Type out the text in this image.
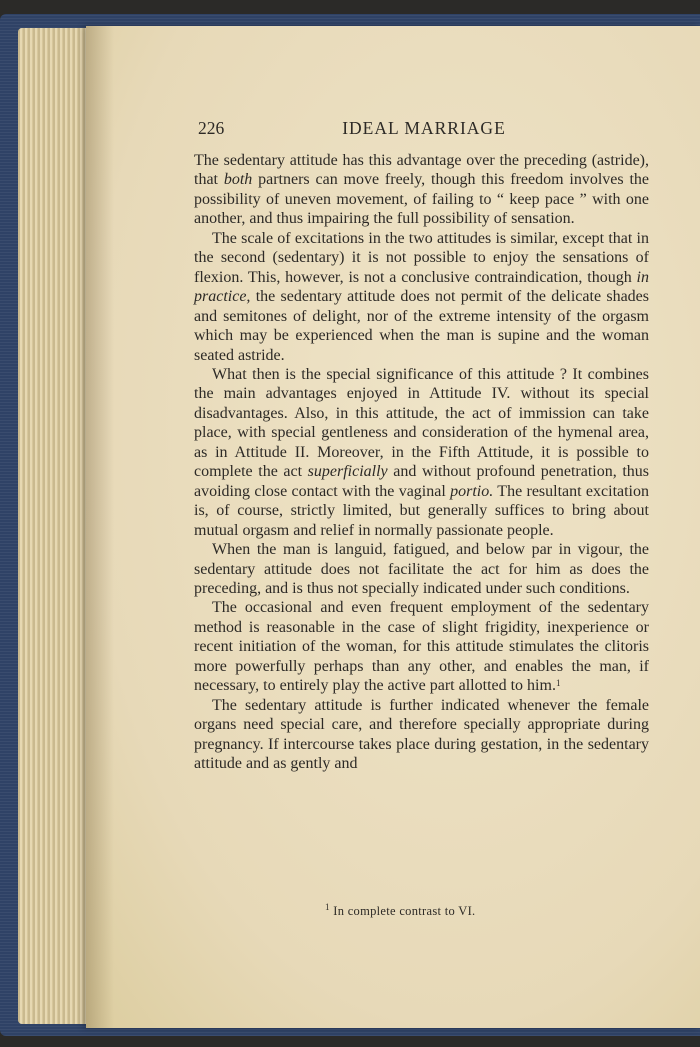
226	IDEAL MARRIAGE

The sedentary attitude has this advantage over the preceding (astride), that both partners can move freely, though this freedom involves the possibility of uneven movement, of failing to “ keep pace ” with one another, and thus impairing the full possibility of sensation.

The scale of excitations in the two attitudes is similar, except that in the second (sedentary) it is not possible to enjoy the sensations of flexion. This, however, is not a conclusive contraindication, though in practice, the sedentary attitude does not permit of the delicate shades and semitones of delight, nor of the extreme intensity of the orgasm which may be experienced when the man is supine and the woman seated astride.

What then is the special significance of this attitude ? It combines the main advantages enjoyed in Attitude IV. without its special disadvantages. Also, in this attitude, the act of immission can take place, with special gentleness and consideration of the hymenal area, as in Attitude II. Moreover, in the Fifth Attitude, it is possible to complete the act superficially and without profound penetration, thus avoiding close contact with the vaginal portio. The resultant excitation is, of course, strictly limited, but generally suffices to bring about mutual orgasm and relief in normally passionate people.

When the man is languid, fatigued, and below par in vigour, the sedentary attitude does not facilitate the act for him as does the preceding, and is thus not specially indicated under such conditions.

The occasional and even frequent employment of the sedentary method is reasonable in the case of slight frigidity, inexperience or recent initiation of the woman, for this attitude stimulates the clitoris more powerfully perhaps than any other, and enables the man, if necessary, to entirely play the active part allotted to him.$^1$

The sedentary attitude is further indicated whenever the female organs need special care, and therefore specially appropriate during pregnancy. If intercourse takes place during gestation, in the sedentary attitude and as gently and

$^1$ In complete contrast to VI.
